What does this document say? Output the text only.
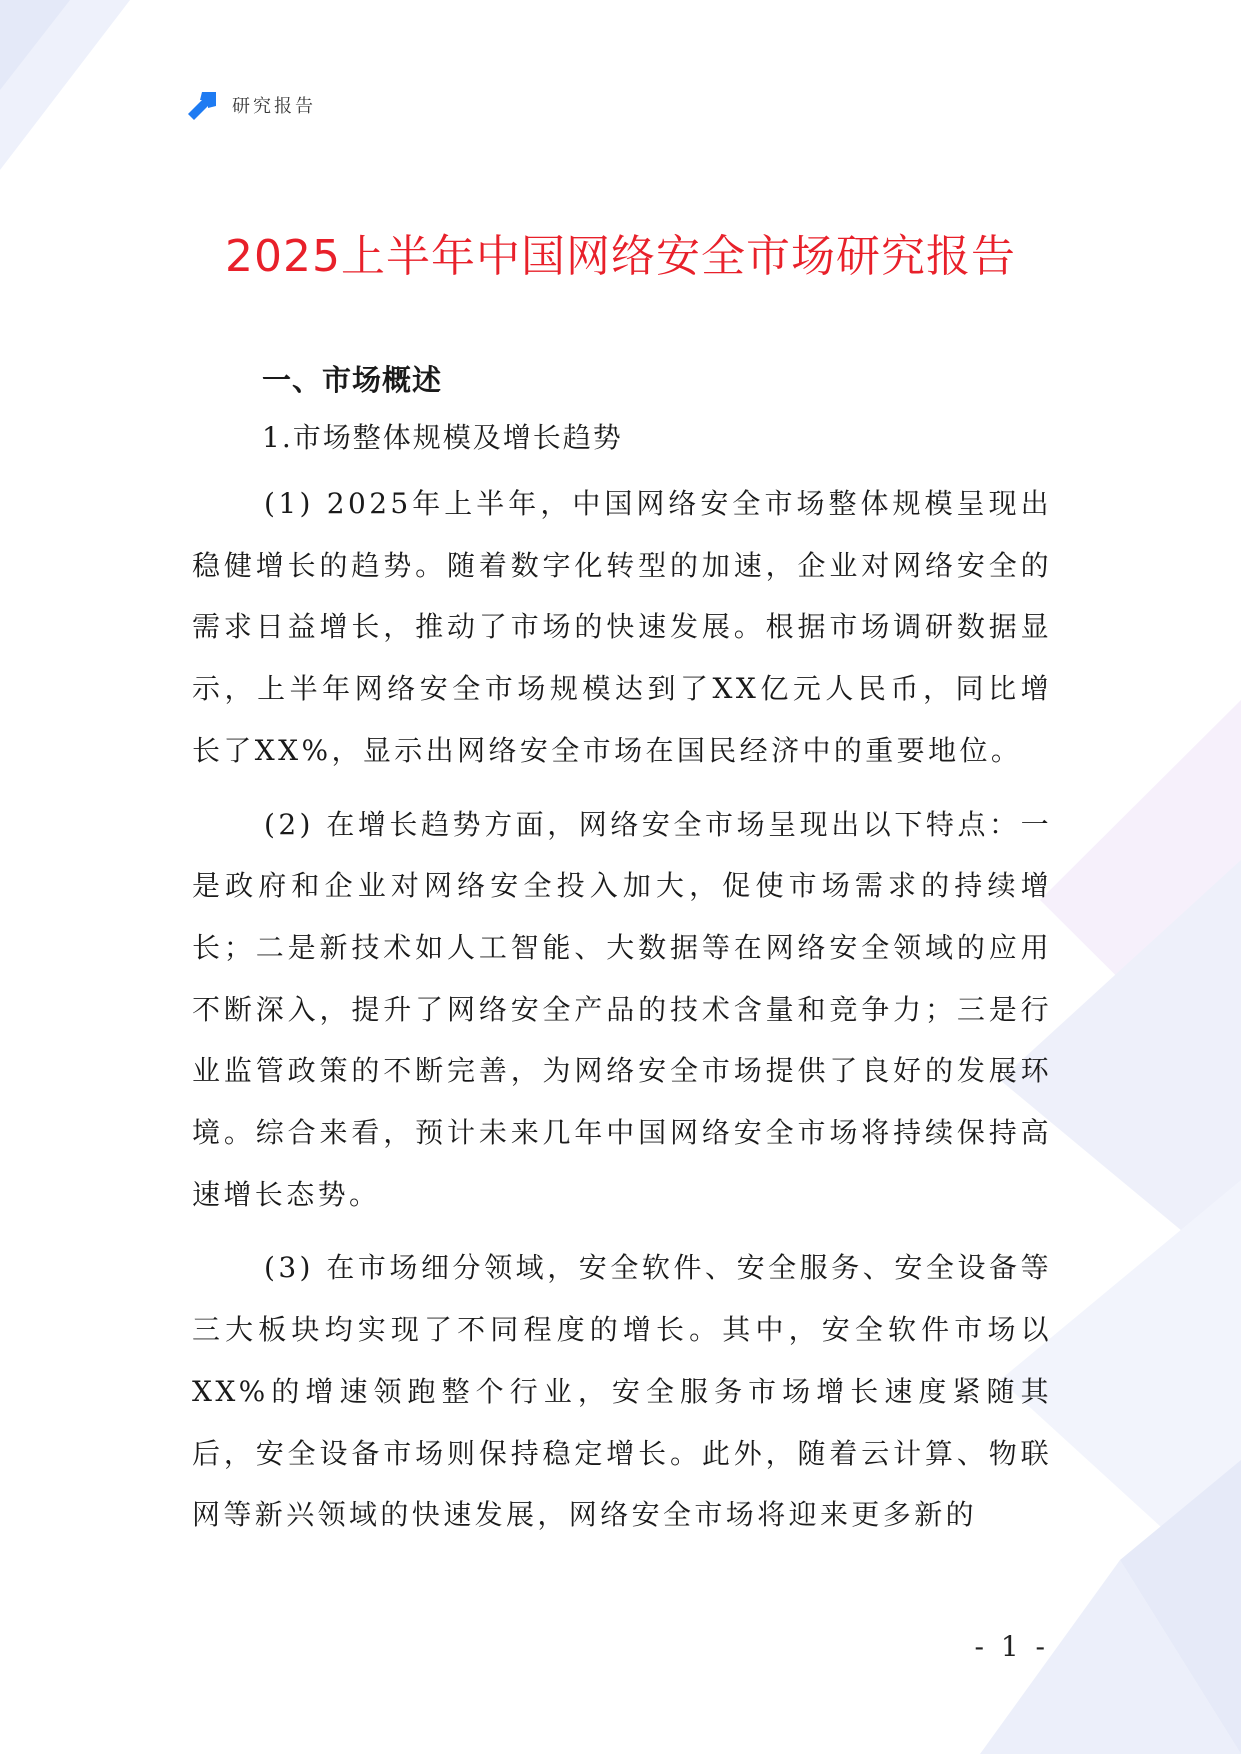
研究报告
2025上半年中国网络安全市场研究报告
一、市场概述
1.市场整体规模及增长趋势

(1) 2025年上半年，中国网络安全市场整体规模呈现出稳健增长的趋势。随着数字化转型的加速，企业对网络安全的需求日益增长，推动了市场的快速发展。根据市场调研数据显示，上半年网络安全市场规模达到了XX亿元人民币，同比增长了XX%，显示出网络安全市场在国民经济中的重要地位。

(2) 在增长趋势方面，网络安全市场呈现出以下特点：一是政府和企业对网络安全投入加大，促使市场需求的持续增长；二是新技术如人工智能、大数据等在网络安全领域的应用不断深入，提升了网络安全产品的技术含量和竞争力；三是行业监管政策的不断完善，为网络安全市场提供了良好的发展环境。综合来看，预计未来几年中国网络安全市场将持续保持高速增长态势。

(3) 在市场细分领域，安全软件、安全服务、安全设备等三大板块均实现了不同程度的增长。其中，安全软件市场以XX%的增速领跑整个行业，安全服务市场增长速度紧随其后，安全设备市场则保持稳定增长。此外，随着云计算、物联网等新兴领域的快速发展，网络安全市场将迎来更多新的

- 1 -
